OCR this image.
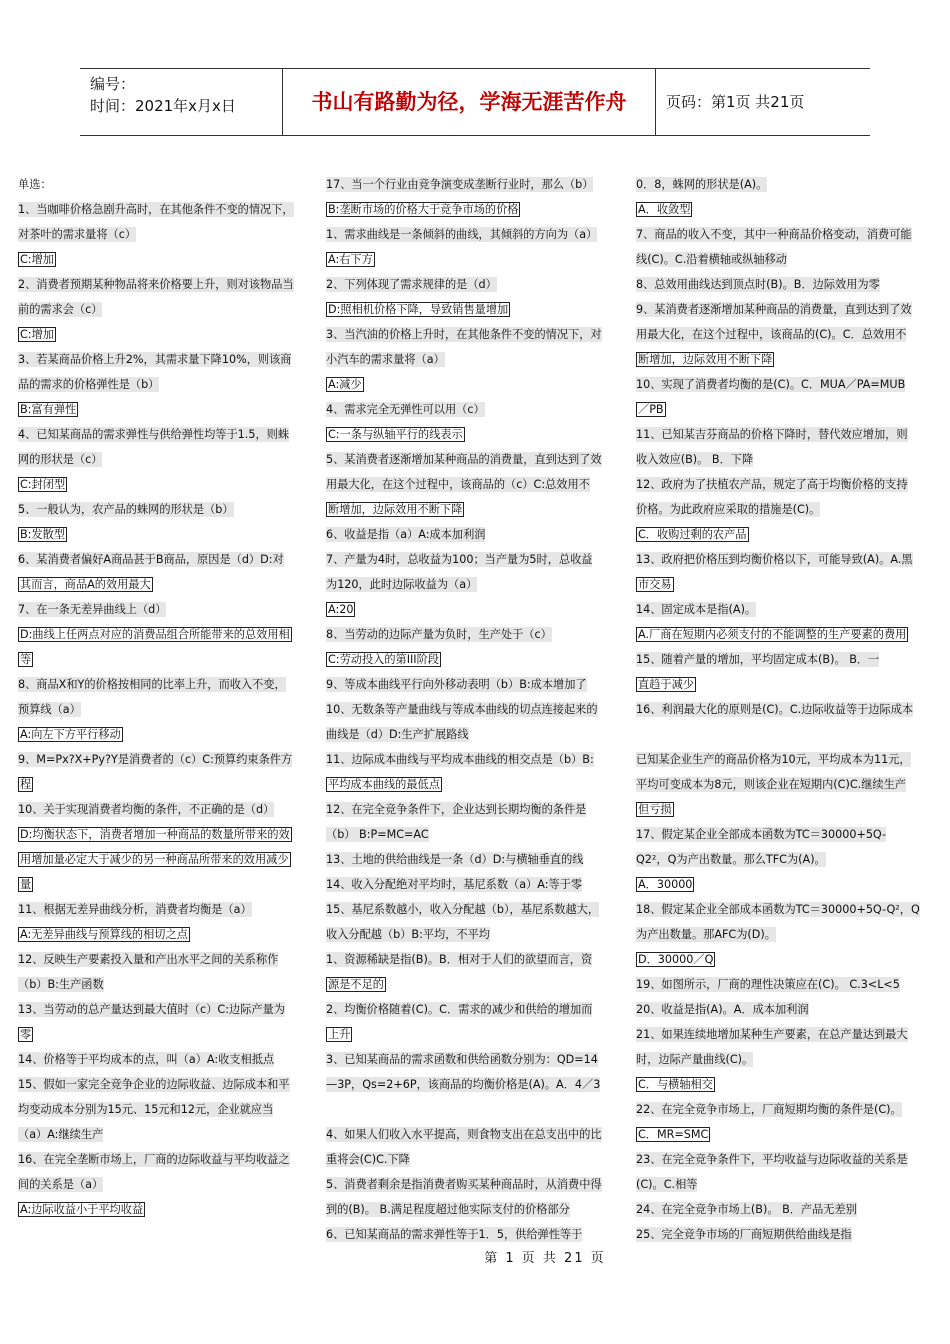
编号：
时间：2021年x月x日	书山有路勤为径，学海无涯苦作舟	页码：第1页 共21页
单选：
1、当咖啡价格急剧升高时，在其他条件不变的情况下，
对茶叶的需求量将（c）
C:增加
2、消费者预期某种物品将来价格要上升，则对该物品当
前的需求会（c）
C:增加
3、若某商品价格上升2%，其需求量下降10%，则该商
品的需求的价格弹性是（b）
B:富有弹性
4、已知某商品的需求弹性与供给弹性均等于1.5，则蛛
网的形状是（c）
C:封闭型
5、一般认为，农产品的蛛网的形状是（b）
B:发散型
6、某消费者偏好A商品甚于B商品，原因是（d）D:对
其而言，商品A的效用最大
7、在一条无差异曲线上（d）
D:曲线上任两点对应的消费品组合所能带来的总效用相
等
8、商品X和Y的价格按相同的比率上升，而收入不变，
预算线（a）
A:向左下方平行移动
9、M=Px?X+Py?Y是消费者的（c）C:预算约束条件方
程
10、关于实现消费者均衡的条件，不正确的是（d）
D:均衡状态下，消费者增加一种商品的数量所带来的效
用增加量必定大于减少的另一种商品所带来的效用减少
量
11、根据无差异曲线分析，消费者均衡是（a）
A:无差异曲线与预算线的相切之点
12、反映生产要素投入量和产出水平之间的关系称作
（b）B:生产函数
13、当劳动的总产量达到最大值时（c）C:边际产量为
零
14、价格等于平均成本的点，叫（a）A:收支相抵点
15、假如一家完全竞争企业的边际收益、边际成本和平
均变动成本分别为15元、15元和12元，企业就应当
（a）A:继续生产
16、在完全垄断市场上，厂商的边际收益与平均收益之
间的关系是（a）
A:边际收益小于平均收益
17、当一个行业由竞争演变成垄断行业时，那么（b）
B:垄断市场的价格大于竞争市场的价格
1、需求曲线是一条倾斜的曲线，其倾斜的方向为（a）
A:右下方
2、下列体现了需求规律的是（d）
D:照相机价格下降，导致销售量增加
3、当汽油的价格上升时，在其他条件不变的情况下，对
小汽车的需求量将（a）
A:减少
4、需求完全无弹性可以用（c）
C:一条与纵轴平行的线表示
5、某消费者逐渐增加某种商品的消费量，直到达到了效
用最大化，在这个过程中，该商品的（c）C:总效用不
断增加，边际效用不断下降
6、收益是指（a）A:成本加利润
7、产量为4时，总收益为100；当产量为5时，总收益
为120，此时边际收益为（a）
A:20
8、当劳动的边际产量为负时，生产处于（c）
C:劳动投入的第III阶段
9、等成本曲线平行向外移动表明（b）B:成本增加了
10、无数条等产量曲线与等成本曲线的切点连接起来的
曲线是（d）D:生产扩展路线
11、边际成本曲线与平均成本曲线的相交点是（b）B:
平均成本曲线的最低点
12、在完全竞争条件下，企业达到长期均衡的条件是
（b） B:P=MC=AC
13、土地的供给曲线是一条（d）D:与横轴垂直的线
14、收入分配绝对平均时，基尼系数（a）A:等于零
15、基尼系数越小，收入分配越（b），基尼系数越大，
收入分配越（b）B:平均，不平均
1、资源稀缺是指(B)。B．相对于人们的欲望而言，资
源是不足的
2、均衡价格随着(C)。C．需求的减少和供给的增加而
上升
3、已知某商品的需求函数和供给函数分别为：QD=14
—3P，Qs=2+6P，该商品的均衡价格是(A)。A．4／3

4、如果人们收入水平提高，则食物支出在总支出中的比
重将会(C)C.下降
5、消费者剩余是指消费者购买某种商品时，从消费中得
到的(B)。 B.满足程度超过他实际支付的价格部分
6、已知某商品的需求弹性等于1．5，供给弹性等于
0．8，蛛网的形状是(A)。
A．收敛型
7、商品的收入不变，其中一种商品价格变动，消费可能
线(C)。C.沿着横轴或纵轴移动
8、总效用曲线达到顶点时(B)。B．边际效用为零
9、某消费者逐渐增加某种商品的消费量，直到达到了效
用最大化，在这个过程中，该商品的(C)。C．总效用不
断增加，边际效用不断下降
10、实现了消费者均衡的是(C)。C．MUA／PA=MUB
／PB
11、已知某吉芬商品的价格下降时，替代效应增加，则
收入效应(B)。 B．下降
12、政府为了扶植农产品，规定了高于均衡价格的支持
价格。为此政府应采取的措施是(C)。
C．收购过剩的农产品
13、政府把价格压到均衡价格以下，可能导致(A)。A.黑
市交易
14、固定成本是指(A)。
A.厂商在短期内必须支付的不能调整的生产要素的费用
15、随着产量的增加，平均固定成本(B)。 B．一
直趋于减少
16、利润最大化的原则是(C)。C.边际收益等于边际成本

已知某企业生产的商品价格为10元，平均成本为11元，
平均可变成本为8元，则该企业在短期内(C)C.继续生产
但亏损
17、假定某企业全部成本函数为TC＝30000+5Q-
Q2²，Q为产出数量。那么TFC为(A)。
A．30000
18、假定某企业全部成本函数为TC＝30000+5Q-Q²，Q
为产出数量。那AFC为(D)。
D．30000／Q
19、如图所示，厂商的理性决策应在(C)。 C.3<L<5
20、收益是指(A)。A．成本加利润
21、如果连续地增加某种生产要素，在总产量达到最大
时，边际产量曲线(C)。
C．与横轴相交
22、在完全竞争市场上，厂商短期均衡的条件是(C)。
C．MR=SMC
23、在完全竞争条件下，平均收益与边际收益的关系是
(C)。C.相等
24、在完全竞争市场上(B)。 B．产品无差别
25、完全竞争市场的厂商短期供给曲线是指
第 1 页 共 21 页
